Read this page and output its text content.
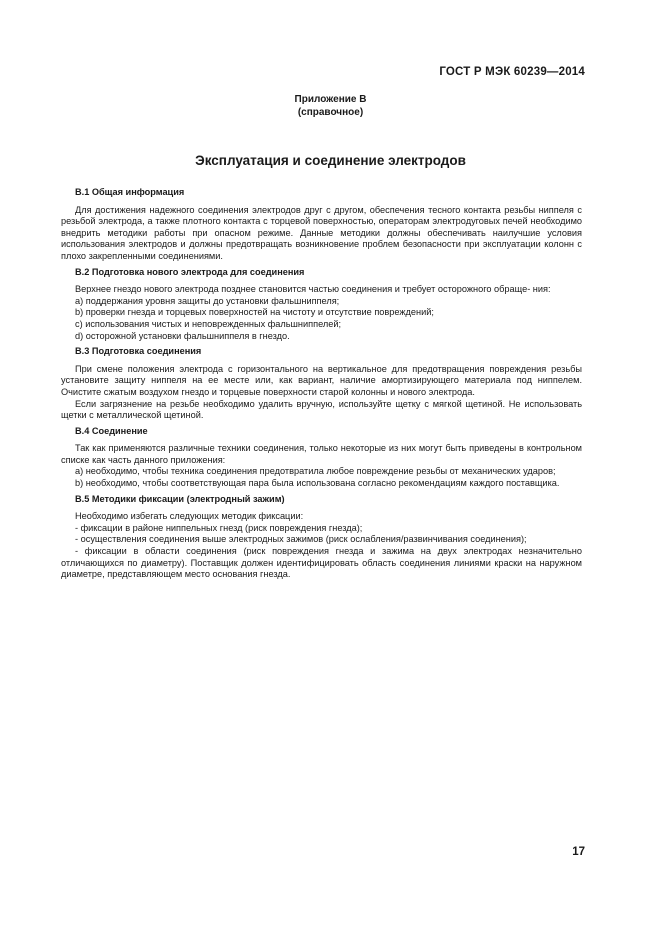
ГОСТ Р МЭК 60239—2014
Приложение В
(справочное)
Эксплуатация и соединение электродов
В.1 Общая информация

Для достижения надежного соединения электродов друг с другом, обеспечения тесного контакта резьбы ниппеля с резьбой электрода, а также плотного контакта с торцевой поверхностью, операторам электродуговых печей необходимо внедрить методики работы при опасном режиме. Данные методики должны обеспечивать наилучшие условия использования электродов и должны предотвращать возникновение проблем безопасности при эксплуатации колонн с плохо закрепленными соединениями.

В.2 Подготовка нового электрода для соединения

Верхнее гнездо нового электрода позднее становится частью соединения и требует осторожного обраще- ния:

а) поддержания уровня защиты до установки фальшниппеля;

b) проверки гнезда и торцевых поверхностей на чистоту и отсутствие повреждений;

с) использования чистых и неповрежденных фальшниппелей;

d) осторожной установки фальшниппеля в гнездо.

В.3 Подготовка соединения

При смене положения электрода с горизонтального на вертикальное для предотвращения повреждения резьбы установите защиту ниппеля на ее месте или, как вариант, наличие амортизирующего материала под ниппелем. Очистите сжатым воздухом гнездо и торцевые поверхности старой колонны и нового электрода.

Если загрязнение на резьбе необходимо удалить вручную, используйте щетку с мягкой щетиной. Не использовать щетки с металлической щетиной.

В.4 Соединение

Так как применяются различные техники соединения, только некоторые из них могут быть приведены в контрольном списке как часть данного приложения:

а) необходимо, чтобы техника соединения предотвратила любое повреждение резьбы от механических ударов;

b) необходимо, чтобы соответствующая пара была использована согласно рекомендациям каждого поставщика.

В.5 Методики фиксации (электродный зажим)

Необходимо избегать следующих методик фиксации:

- фиксации в районе ниппельных гнезд (риск повреждения гнезда);

- осуществления соединения выше электродных зажимов (риск ослабления/развинчивания соединения);

- фиксации в области соединения (риск повреждения гнезда и зажима на двух электродах незначительно отличающихся по диаметру). Поставщик должен идентифицировать область соединения линиями краски на наружном диаметре, представляющем место основания гнезда.

17
